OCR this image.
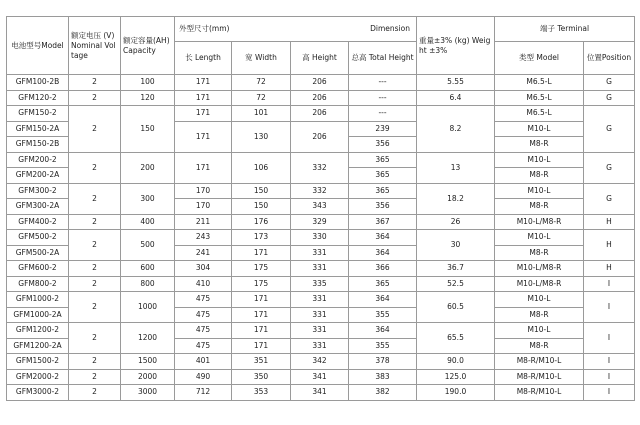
电池型号Model	额定电压 (V) Nominal Voltage	额定容量(AH) Capacity	外型尺寸(mm) Dimension				重量±3% (kg) Weight ±3%	端子 Terminal	
			长 Length	宽 Width	高 Height	总高 Total Height		类型 Model	位置Position
GFM100-2B	2	100	171	72	206	---	5.55	M6.5-L	G
GFM120-2	2	120	171	72	206	---	6.4	M6.5-L	G
GFM150-2	2	150	171	101	206	---	8.2	M6.5-L	G
GFM150-2A			171	130	206	239		M10-L	
GFM150-2B						356		M8-R	
GFM200-2	2	200	171	106	332	365	13	M10-L	G
GFM200-2A						365		M8-R	
GFM300-2	2	300	170	150	332	365	18.2	M10-L	G
GFM300-2A			170	150	343	356		M8-R	
GFM400-2	2	400	211	176	329	367	26	M10-L/M8-R	H
GFM500-2	2	500	243	173	330	364	30	M10-L	H
GFM500-2A			241	171	331	364		M8-R	
GFM600-2	2	600	304	175	331	366	36.7	M10-L/M8-R	H
GFM800-2	2	800	410	175	335	365	52.5	M10-L/M8-R	I
GFM1000-2	2	1000	475	171	331	364	60.5	M10-L	I
GFM1000-2A			475	171	331	355		M8-R	
GFM1200-2	2	1200	475	171	331	364	65.5	M10-L	I
GFM1200-2A			475	171	331	355		M8-R	
GFM1500-2	2	1500	401	351	342	378	90.0	M8-R/M10-L	I
GFM2000-2	2	2000	490	350	341	383	125.0	M8-R/M10-L	I
GFM3000-2	2	3000	712	353	341	382	190.0	M8-R/M10-L	I
